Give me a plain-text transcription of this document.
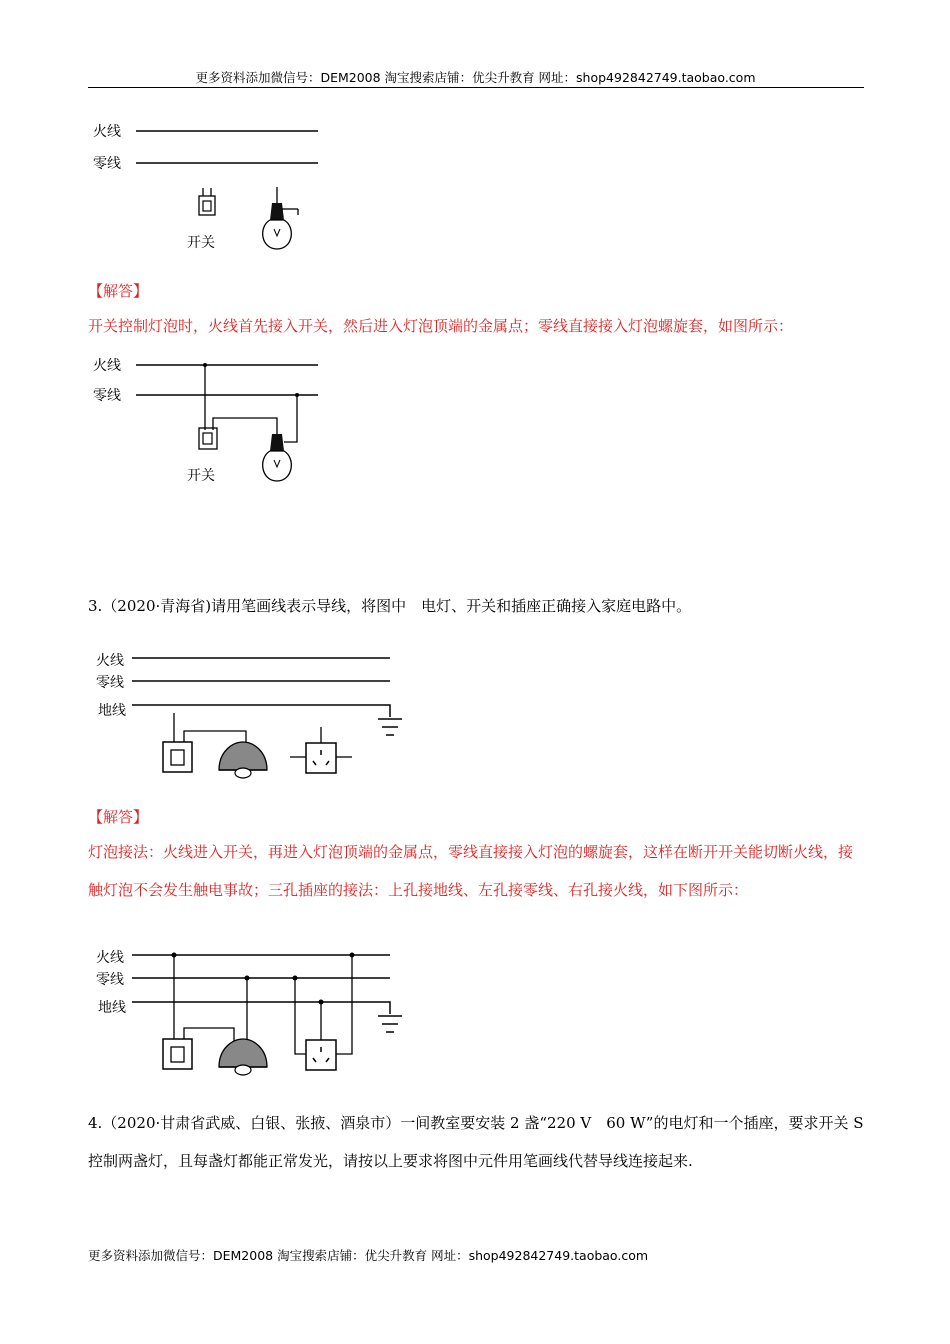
更多资料添加微信号：DEM2008 淘宝搜索店铺：优尖升教育 网址：shop492842749.taobao.com
火线
零线
开关
【解答】
开关控制灯泡时，火线首先接入开关，然后进入灯泡顶端的金属点；零线直接接入灯泡螺旋套，如图所示：
火线
零线
开关
3.（2020·青海省)请用笔画线表示导线，将图中　电灯、开关和插座正确接入家庭电路中。
火线
零线
地线
【解答】
灯泡接法：火线进入开关，再进入灯泡顶端的金属点，零线直接接入灯泡的螺旋套，这样在断开开关能切断火线，接触灯泡不会发生触电事故；三孔插座的接法：上孔接地线、左孔接零线、右孔接火线，如下图所示：
火线
零线
地线
4.（2020·甘肃省武威、白银、张掖、酒泉市）一间教室要安装 2 盏“220 V　60 W”的电灯和一个插座，要求开关 S 控制两盏灯，且每盏灯都能正常发光，请按以上要求将图中元件用笔画线代替导线连接起来.
更多资料添加微信号：DEM2008 淘宝搜索店铺：优尖升教育 网址：shop492842749.taobao.com
